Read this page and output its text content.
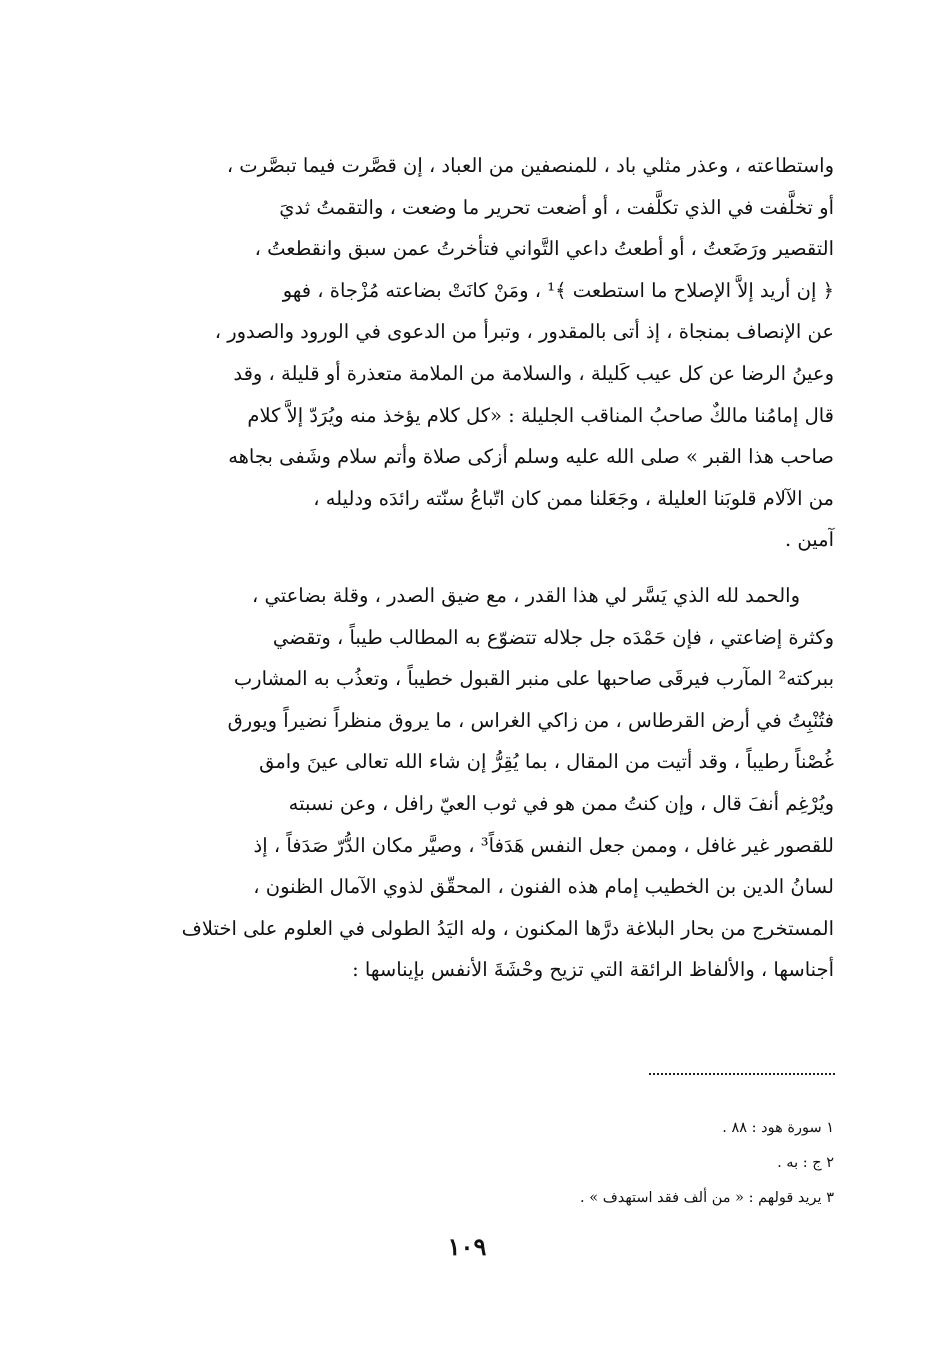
واستطاعته ، وعذر مثلي باد ، للمنصفين من العباد ، إن قصَّرت فيما تبصَّرت ،
أو تخلَّفت في الذي تكلَّفت ، أو أضعت تحرير ما وضعت ، والتقمتُ ثديَ
التقصير ورَضَعتُ ، أو أطعتُ داعي التَّواني فتأخرتُ عمن سبق وانقطعتُ ،
﴿ إن أريد إلاَّ الإصلاح ما استطعت ﴾¹ ، ومَنْ كانَتْ بضاعته مُزْجاة ، فهو
عن الإنصاف بمنجاة ، إذ أتى بالمقدور ، وتبرأ من الدعوى في الورود والصدور ،
وعينُ الرضا عن كل عيب كَليلة ، والسلامة من الملامة متعذرة أو قليلة ، وقد
قال إمامُنا مالكٌ صاحبُ المناقب الجليلة : «كل كلام يؤخذ منه ويُرَدّ إلاَّ كلام
صاحب هذا القبر » صلى الله عليه وسلم أزكى صلاة وأتم سلام وشَفى بجاهه
من الآلام قلوبَنا العليلة ، وجَعَلنا ممن كان اتّباعُ سنّته رائدَه ودليله ،
آمين .
والحمد لله الذي يَسَّر لي هذا القدر ، مع ضيق الصدر ، وقلة بضاعتي ،
وكثرة إضاعتي ، فإن حَمْدَه جل جلاله تتضوّع به المطالب طيباً ، وتقضي
ببركته² المآرب فيرقَى صاحبها على منبر القبول خطيباً ، وتعذُب به المشارب
فتُنْبِتُ في أرض القرطاس ، من زاكي الغراس ، ما يروق منظراً نضيراً ويورق
غُصْناً رطيباً ، وقد أتيت من المقال ، بما يُقِرُّ إن شاء الله تعالى عينَ وامق
ويُرْغِم أنفَ قال ، وإن كنتُ ممن هو في ثوب العيّ رافل ، وعن نسبته
للقصور غير غافل ، وممن جعل النفس هَدَفاً³ ، وصيَّر مكان الدُّرّ صَدَفاً ، إذ
لسانُ الدين بن الخطيب إمام هذه الفنون ، المحقّق لذوي الآمال الظنون ،
المستخرج من بحار البلاغة درَّها المكنون ، وله اليَدُ الطولى في العلوم على اختلاف
أجناسها ، والألفاظ الرائقة التي تزيح وحْشَةَ الأنفس بإيناسها :
١ سورة هود : ٨٨ .
٢ ج : به .
٣ يريد قولهم : « من ألف فقد استهدف » .
١٠٩
